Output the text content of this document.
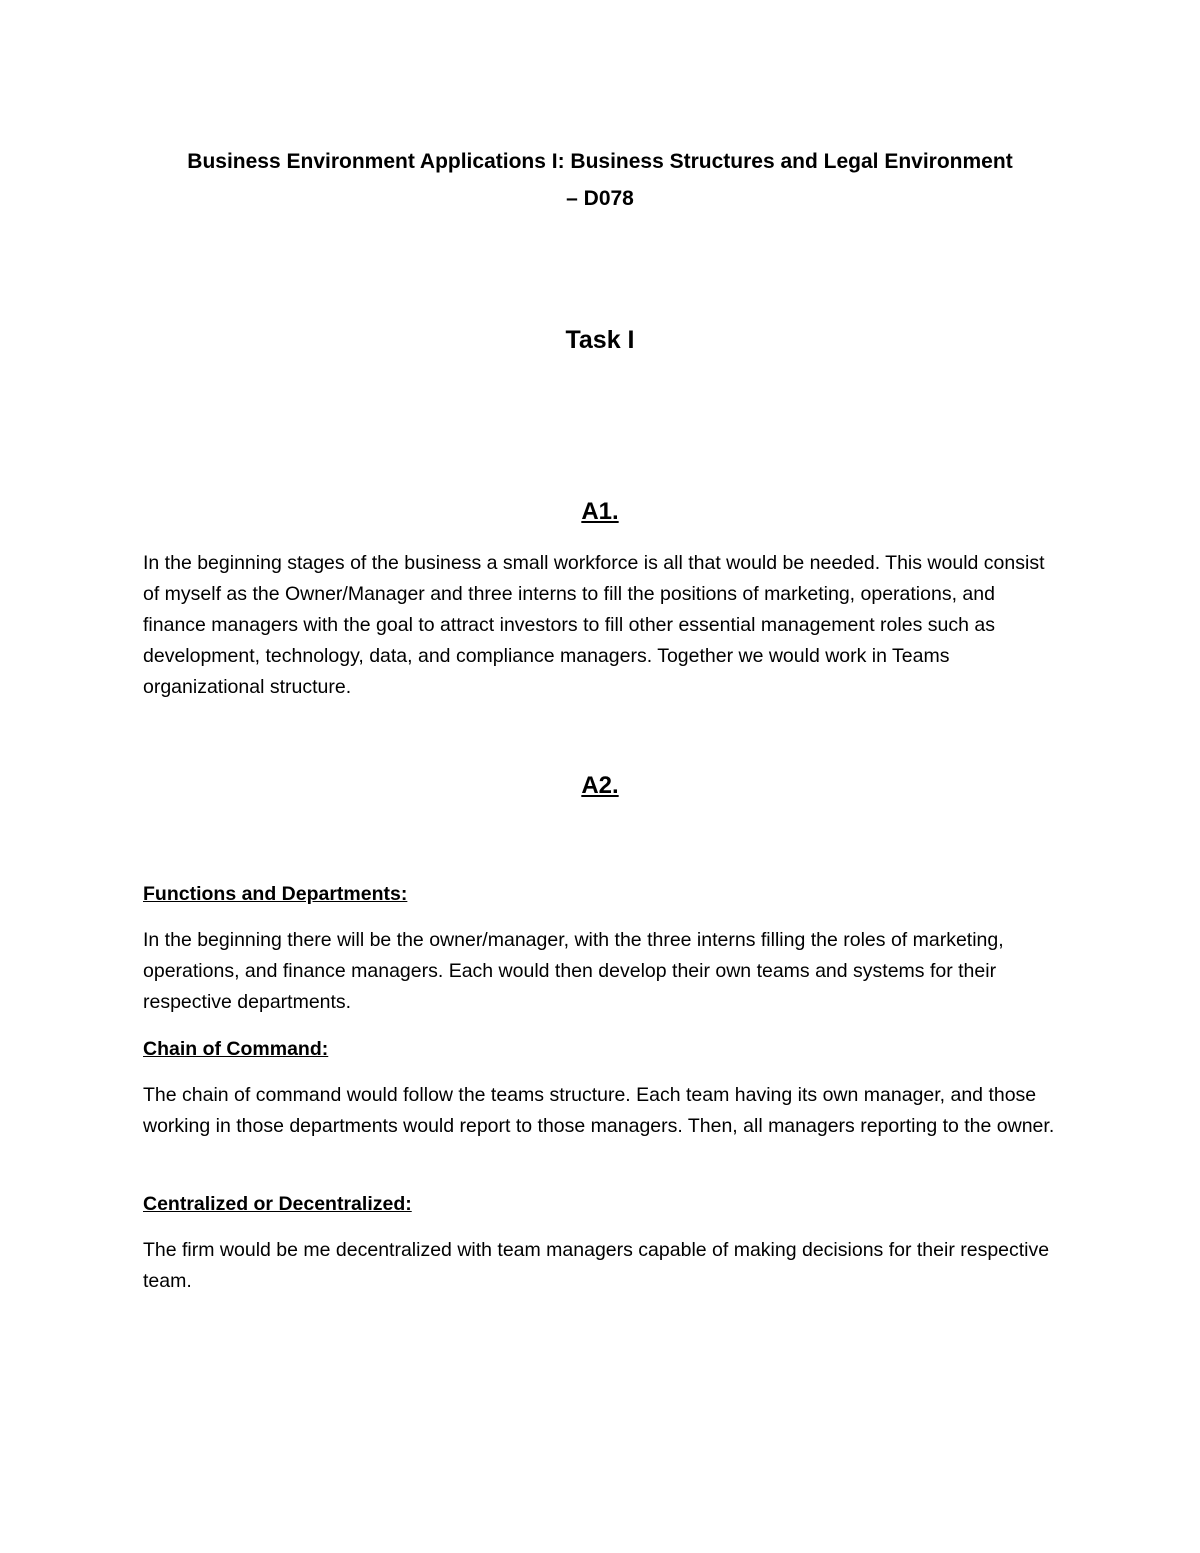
Business Environment Applications I: Business Structures and Legal Environment
– D078
Task I
A1.

In the beginning stages of the business a small workforce is all that would be needed. This would consist of myself as the Owner/Manager and three interns to fill the positions of marketing, operations, and finance managers with the goal to attract investors to fill other essential management roles such as development, technology, data, and compliance managers. Together we would work in Teams organizational structure.

A2.

Functions and Departments:

In the beginning there will be the owner/manager, with the three interns filling the roles of marketing, operations, and finance managers. Each would then develop their own teams and systems for their respective departments.

Chain of Command:

The chain of command would follow the teams structure. Each team having its own manager, and those working in those departments would report to those managers. Then, all managers reporting to the owner.

Centralized or Decentralized:

The firm would be me decentralized with team managers capable of making decisions for their respective team.
